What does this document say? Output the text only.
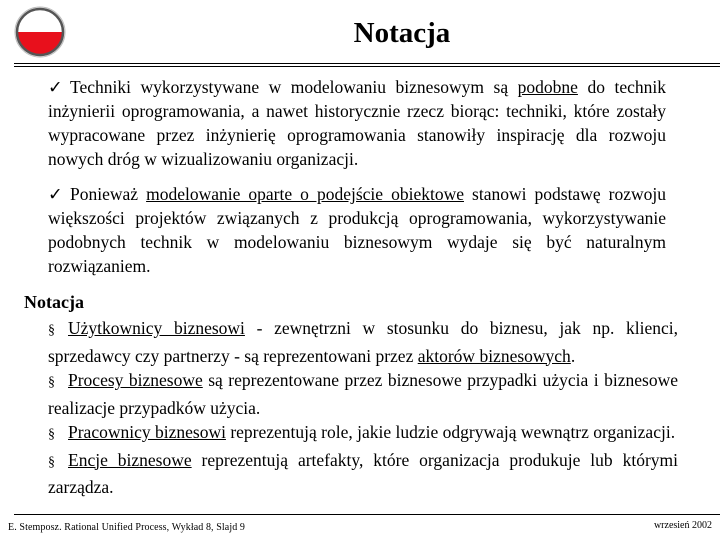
Notacja
✓ Techniki wykorzystywane w modelowaniu biznesowym są podobne do technik inżynierii oprogramowania, a nawet historycznie rzecz biorąc: techniki, które zostały wypracowane przez inżynierię oprogramowania stanowiły inspirację dla rozwoju nowych dróg w wizualizowaniu organizacji.
✓ Ponieważ modelowanie oparte o podejście obiektowe stanowi podstawę rozwoju większości projektów związanych z produkcją oprogramowania, wykorzystywanie podobnych technik w modelowaniu biznesowym wydaje się być naturalnym rozwiązaniem.
Notacja
§ Użytkownicy biznesowi - zewnętrzni w stosunku do biznesu, jak np. klienci, sprzedawcy czy partnerzy - są reprezentowani przez aktorów biznesowych.
§ Procesy biznesowe są reprezentowane przez biznesowe przypadki użycia i biznesowe realizacje przypadków użycia.
§ Pracownicy biznesowi reprezentują role, jakie ludzie odgrywają wewnątrz organizacji.
§ Encje biznesowe reprezentują artefakty, które organizacja produkuje lub którymi zarządza.
E. Stemposz. Rational Unified Process, Wykład 8, Slajd 9	wrzesień 2002
